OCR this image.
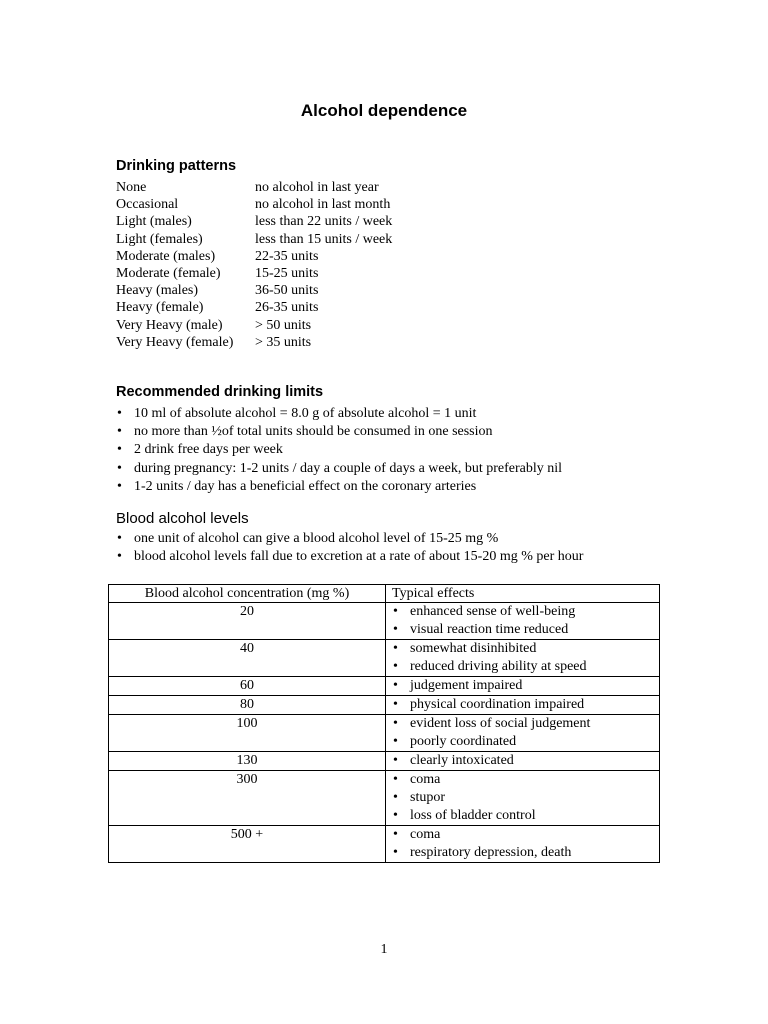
Alcohol dependence
Drinking patterns
None	no alcohol in last year
Occasional	no alcohol in last month
Light (males)	less than 22 units / week
Light (females)	less than 15 units / week
Moderate (males)	22-35 units
Moderate (female) 15-25 units
Heavy (males)	36-50 units
Heavy (female)	26-35 units
Very Heavy (male) > 50 units
Very Heavy (female) > 35 units
Recommended drinking limits
• 10 ml of absolute alcohol = 8.0 g of absolute alcohol = 1 unit
• no more than ½of total units should be consumed in one session
• 2 drink free days per week
• during pregnancy: 1-2 units / day a couple of days a week, but preferably nil
• 1-2 units / day has a beneficial effect on the coronary arteries
Blood alcohol levels
• one unit of alcohol can give a blood alcohol level of 15-25 mg %
• blood alcohol levels fall due to excretion at a rate of about 15-20 mg % per hour
Blood alcohol concentration (mg %)	Typical effects
20	• enhanced sense of well-being
• visual reaction time reduced

40	• somewhat disinhibited
• reduced driving ability at speed

60	• judgement impaired

80	• physical coordination impaired

100	• evident loss of social judgement
• poorly coordinated

130	• clearly intoxicated

300	• coma
• stupor
• loss of bladder control

500 +	• coma
• respiratory depression, death
1
